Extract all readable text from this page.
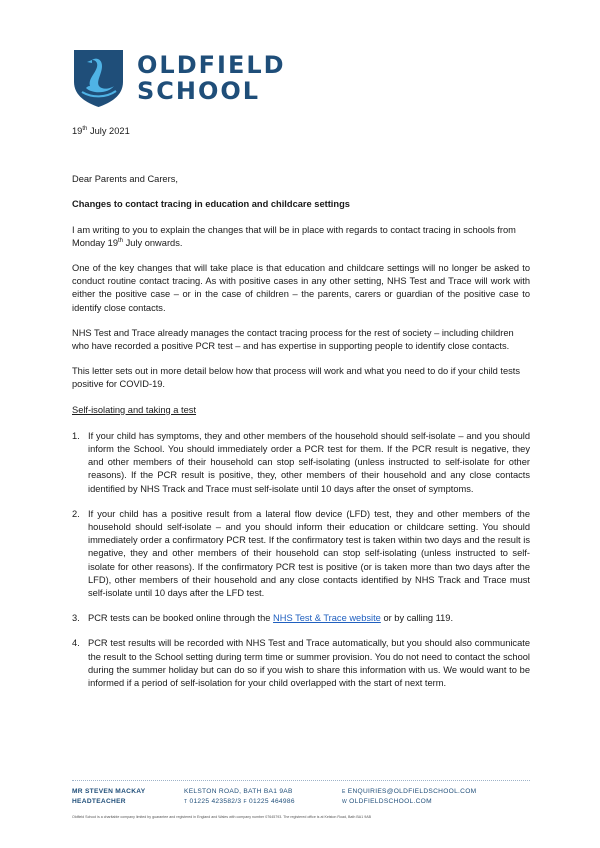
OLDFIELD
SCHOOL

19th July 2021

Dear Parents and Carers,

Changes to contact tracing in education and childcare settings

I am writing to you to explain the changes that will be in place with regards to contact tracing in schools from Monday 19th July onwards.

One of the key changes that will take place is that education and childcare settings will no longer be asked to conduct routine contact tracing. As with positive cases in any other setting, NHS Test and Trace will work with either the positive case – or in the case of children – the parents, carers or guardian of the positive case to identify close contacts.

NHS Test and Trace already manages the contact tracing process for the rest of society – including children who have recorded a positive PCR test – and has expertise in supporting people to identify close contacts.

This letter sets out in more detail below how that process will work and what you need to do if your child tests positive for COVID-19.

Self-isolating and taking a test

1. If your child has symptoms, they and other members of the household should self-isolate – and you should inform the School. You should immediately order a PCR test for them. If the PCR result is negative, they and other members of their household can stop self-isolating (unless instructed to self-isolate for other reasons). If the PCR result is positive, they, other members of their household and any close contacts identified by NHS Track and Trace must self-isolate until 10 days after the onset of symptoms.
2. If your child has a positive result from a lateral flow device (LFD) test, they and other members of the household should self-isolate – and you should inform their education or childcare setting. You should immediately order a confirmatory PCR test. If the confirmatory test is taken within two days and the result is negative, they and other members of their household can stop self-isolating (unless instructed to self-isolate for other reasons). If the confirmatory PCR test is positive (or is taken more than two days after the LFD), other members of their household and any close contacts identified by NHS Track and Trace must self-isolate until 10 days after the LFD test.
3. PCR tests can be booked online through the NHS Test & Trace website or by calling 119.
4. PCR test results will be recorded with NHS Test and Trace automatically, but you should also communicate the result to the School setting during term time or summer provision. You do not need to contact the school during the summer holiday but can do so if you wish to share this information with us. We would want to be informed if a period of self-isolation for your child overlapped with the start of next term.
MR STEVEN MACKAY	KELSTON ROAD, BATH BA1 9AB	$^E$ ENQUIRIES@OLDFIELDSCHOOL.COM
HEADTEACHER	$^T$ 01225 423582/3 $^F$ 01225 464986	$^W$ OLDFIELDSCHOOL.COM
Oldfield School is a charitable company limited by guarantee and registered in England and Wales with company number 07645793. The registered office is at Kelston Road, Bath BA1 9AB
